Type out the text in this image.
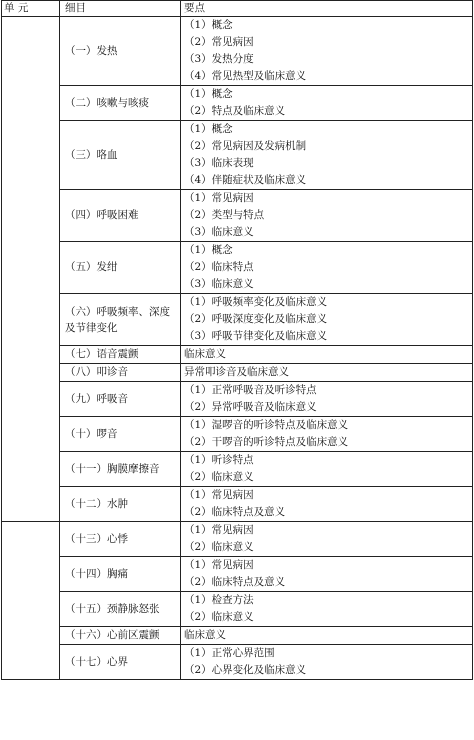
单 元	细目	要点
	（一）发热	（1）概念
（2）常见病因
（3）发热分度
（4）常见热型及临床意义

	（二）咳嗽与咳痰	（1）概念
（2）特点及临床意义

	（三）咯血	（1）概念
（2）常见病因及发病机制
（3）临床表现
（4）伴随症状及临床意义

	（四）呼吸困难	（1）常见病因
（2）类型与特点
（3）临床意义

	（五）发绀	（1）概念
（2）临床特点
（3）临床意义

	（六）呼吸频率、深度及节律变化	（1）呼吸频率变化及临床意义
（2）呼吸深度变化及临床意义
（3）呼吸节律变化及临床意义

	（七）语音震颤	临床意义

	（八）叩诊音	异常叩诊音及临床意义

	（九）呼吸音	（1）正常呼吸音及听诊特点
（2）异常呼吸音及临床意义

	（十）啰音	（1）湿啰音的听诊特点及临床意义
（2）干啰音的听诊特点及临床意义

	（十一）胸膜摩擦音	（1）听诊特点
（2）临床意义

	（十二）水肿	（1）常见病因
（2）临床特点及意义

	（十三）心悸	（1）常见病因
（2）临床意义

	（十四）胸痛	（1）常见病因
（2）临床特点及意义

	（十五）颈静脉怒张	（1）检查方法
（2）临床意义

	（十六）心前区震颤	临床意义

	（十七）心界	（1）正常心界范围
（2）心界变化及临床意义
